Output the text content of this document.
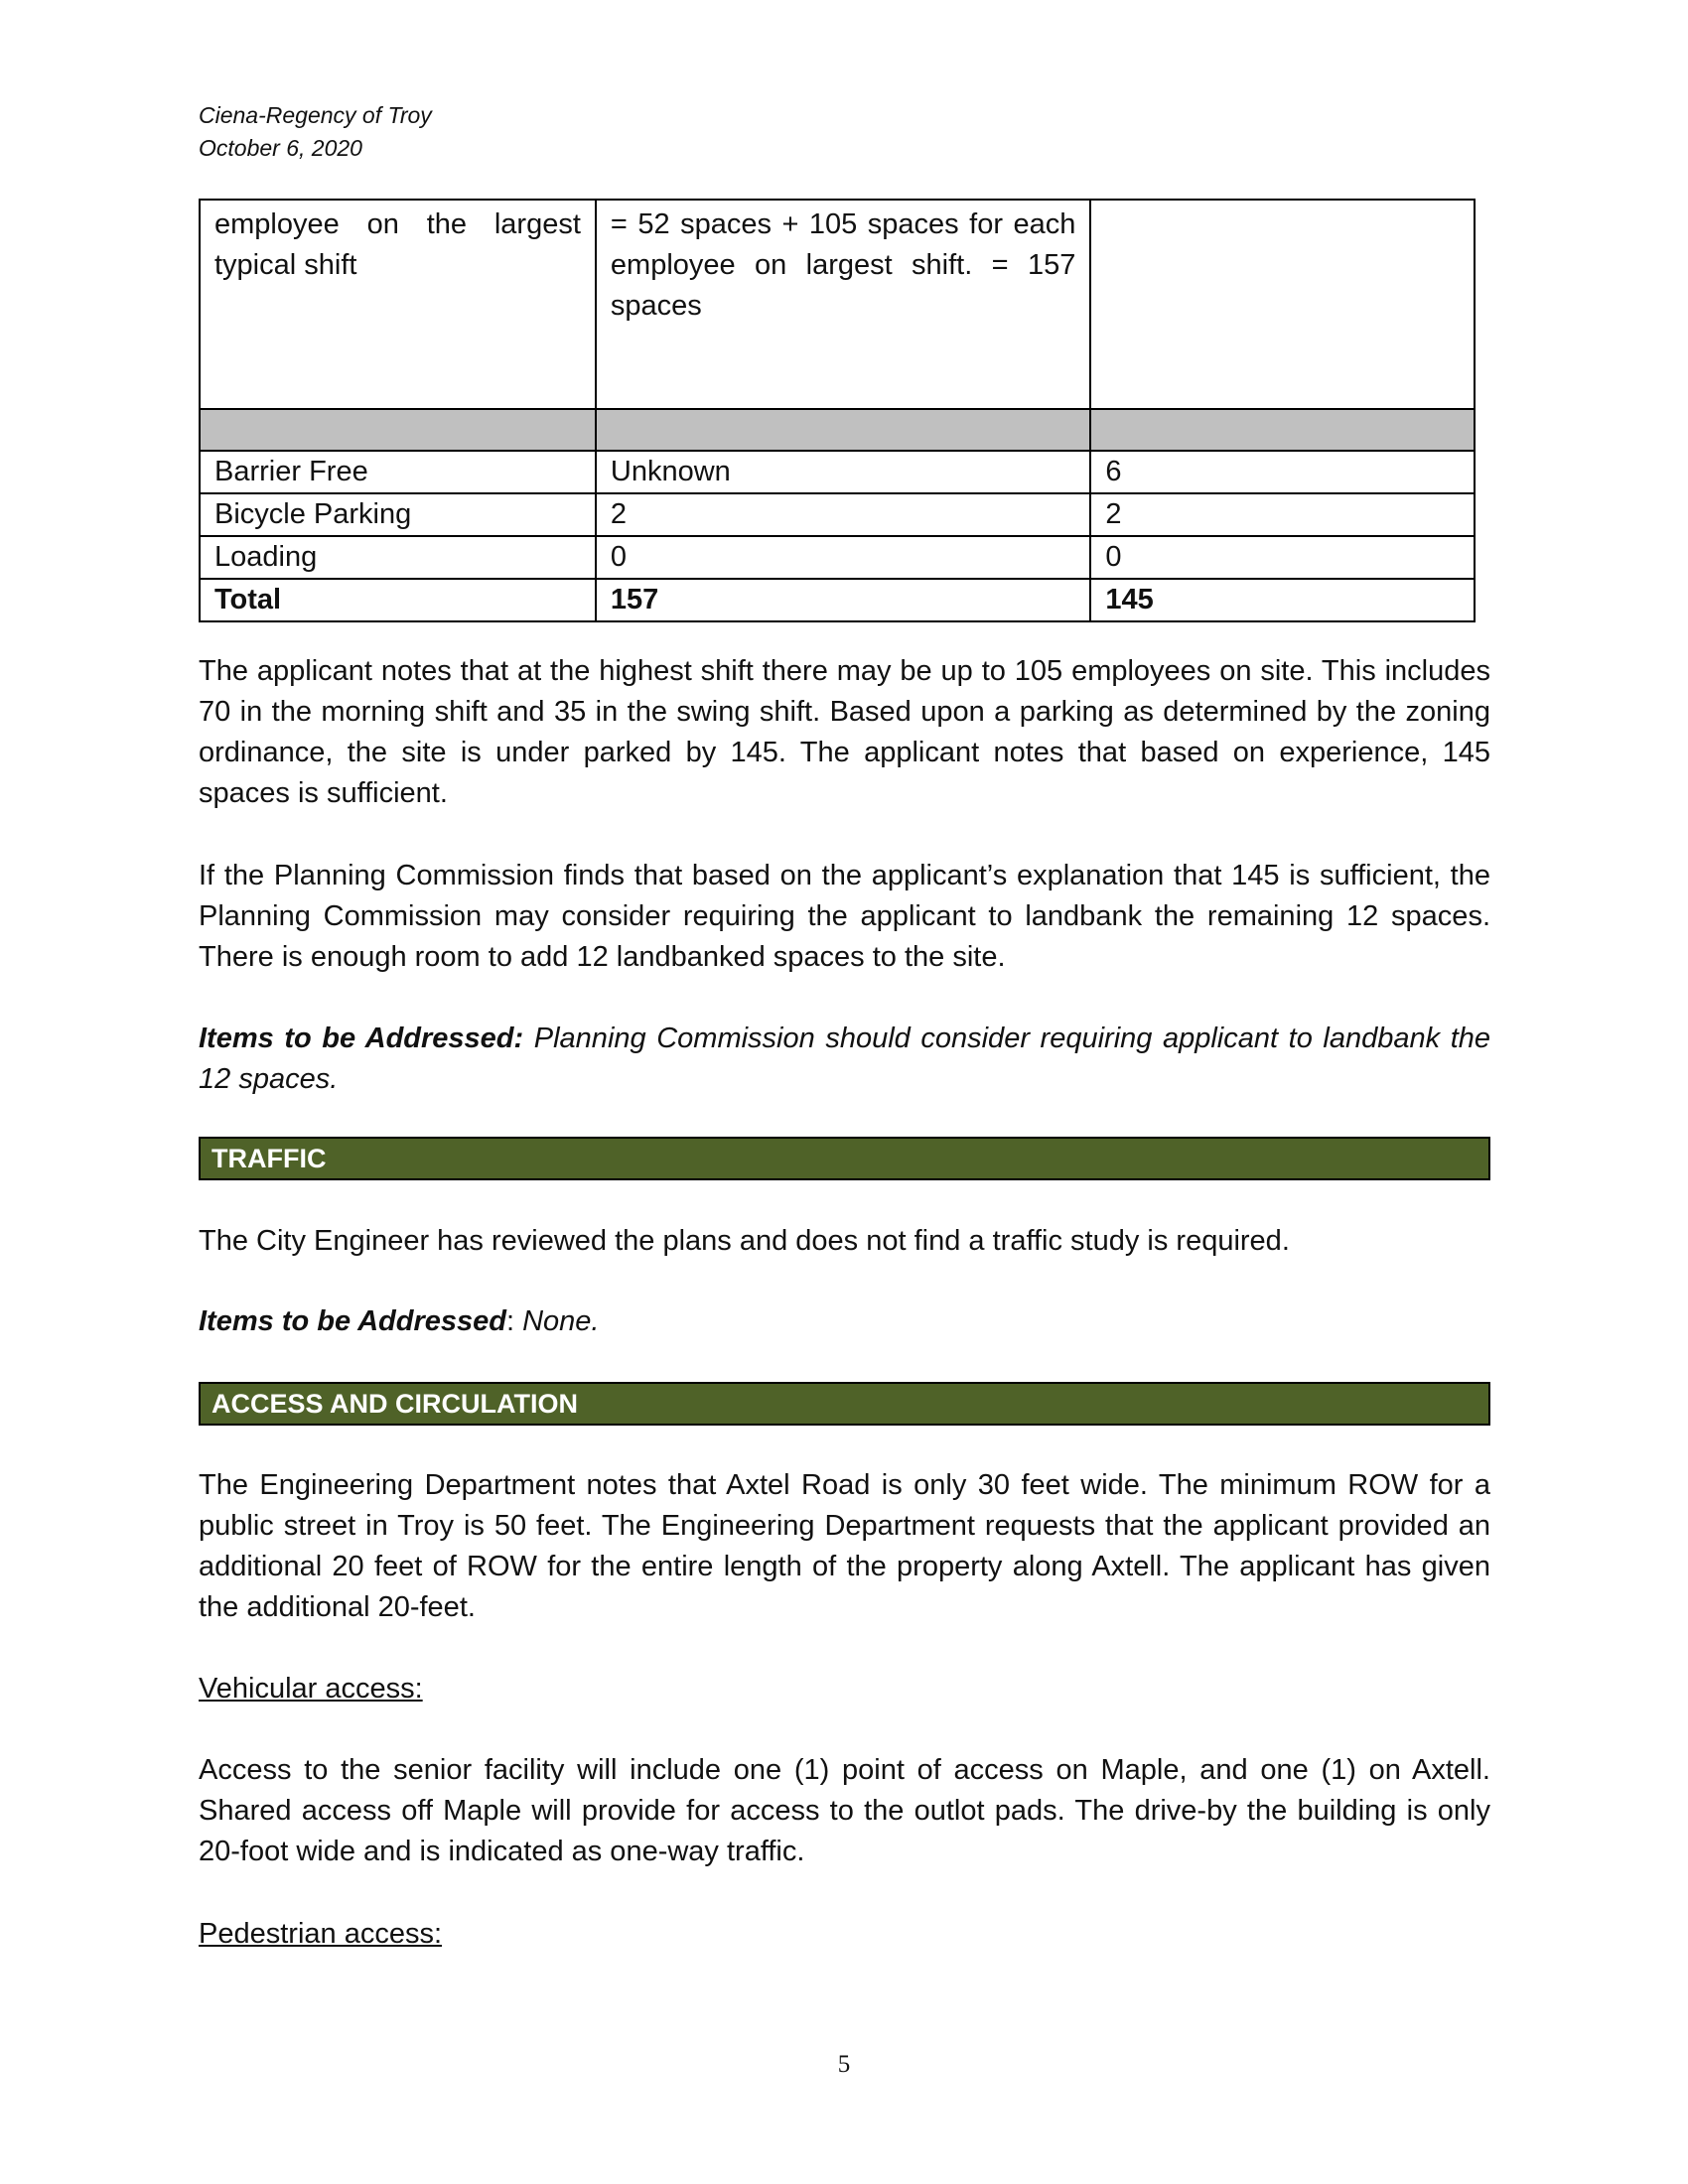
Ciena-Regency of Troy
October 6, 2020
employee on the largest typical shift	= 52 spaces + 105 spaces for each employee on largest shift. = 157 spaces	

Barrier Free	Unknown	6
Bicycle Parking	2	2
Loading	0	0
Total	157	145

The applicant notes that at the highest shift there may be up to 105 employees on site. This includes 70 in the morning shift and 35 in the swing shift. Based upon a parking as determined by the zoning ordinance, the site is under parked by 145. The applicant notes that based on experience, 145 spaces is sufficient.

If the Planning Commission finds that based on the applicant’s explanation that 145 is sufficient, the Planning Commission may consider requiring the applicant to landbank the remaining 12 spaces. There is enough room to add 12 landbanked spaces to the site.

Items to be Addressed: Planning Commission should consider requiring applicant to landbank the 12 spaces.

TRAFFIC

The City Engineer has reviewed the plans and does not find a traffic study is required.

Items to be Addressed: None.

ACCESS AND CIRCULATION

The Engineering Department notes that Axtel Road is only 30 feet wide. The minimum ROW for a public street in Troy is 50 feet. The Engineering Department requests that the applicant provided an additional 20 feet of ROW for the entire length of the property along Axtell. The applicant has given the additional 20-feet.

Vehicular access:

Access to the senior facility will include one (1) point of access on Maple, and one (1) on Axtell. Shared access off Maple will provide for access to the outlot pads. The drive-by the building is only 20-foot wide and is indicated as one-way traffic.

Pedestrian access:
5
